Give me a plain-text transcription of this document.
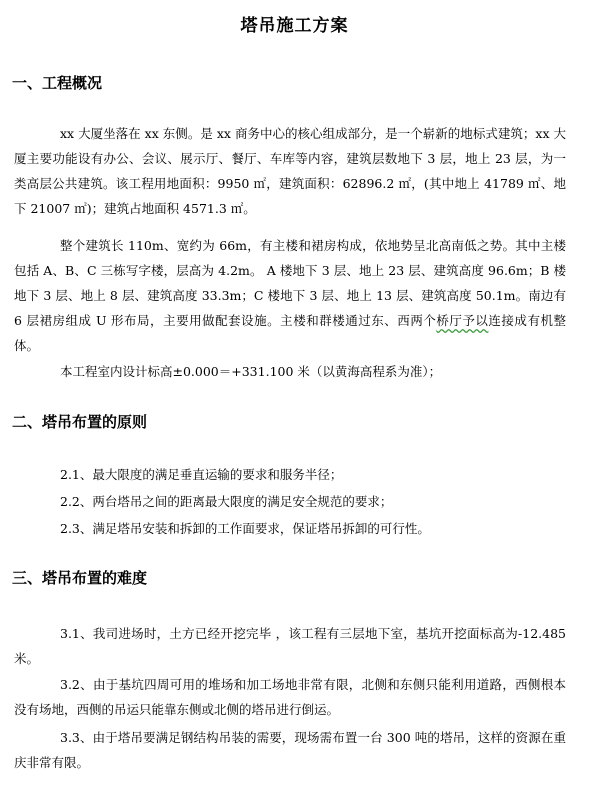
塔吊施工方案
一、工程概况
xx 大厦坐落在 xx 东侧。是 xx 商务中心的核心组成部分，是一个崭新的地标式建筑；xx 大厦主要功能设有办公、会议、展示厅、餐厅、车库等内容，建筑层数地下 3 层，地上 23 层，为一类高层公共建筑。该工程用地面积：9950 ㎡，建筑面积：62896.2 ㎡，(其中地上 41789 ㎡、地下 21007 ㎡)；建筑占地面积 4571.3 ㎡。
整个建筑长 110m、宽约为 66m，有主楼和裙房构成，依地势呈北高南低之势。其中主楼包括 A、B、C 三栋写字楼，层高为 4.2m。 A 楼地下 3 层、地上 23 层、建筑高度 96.6m；B 楼地下 3 层、地上 8 层、建筑高度 33.3m；C 楼地下 3 层、地上 13 层、建筑高度 50.1m。南边有 6 层裙房组成 U 形布局，主要用做配套设施。主楼和群楼通过东、西两个桥厅予以连接成有机整体。
本工程室内设计标高±0.000＝+331.100 米（以黄海高程系为准）；
二、塔吊布置的原则
2.1、最大限度的满足垂直运输的要求和服务半径；
2.2、两台塔吊之间的距离最大限度的满足安全规范的要求；
2.3、满足塔吊安装和拆卸的工作面要求，保证塔吊拆卸的可行性。
三、塔吊布置的难度
3.1、我司进场时，土方已经开挖完毕 ，该工程有三层地下室，基坑开挖面标高为-12.485 米。
3.2、由于基坑四周可用的堆场和加工场地非常有限，北侧和东侧只能利用道路，西侧根本没有场地，西侧的吊运只能靠东侧或北侧的塔吊进行倒运。
3.3、由于塔吊要满足钢结构吊装的需要，现场需布置一台 300 吨的塔吊，这样的资源在重庆非常有限。
